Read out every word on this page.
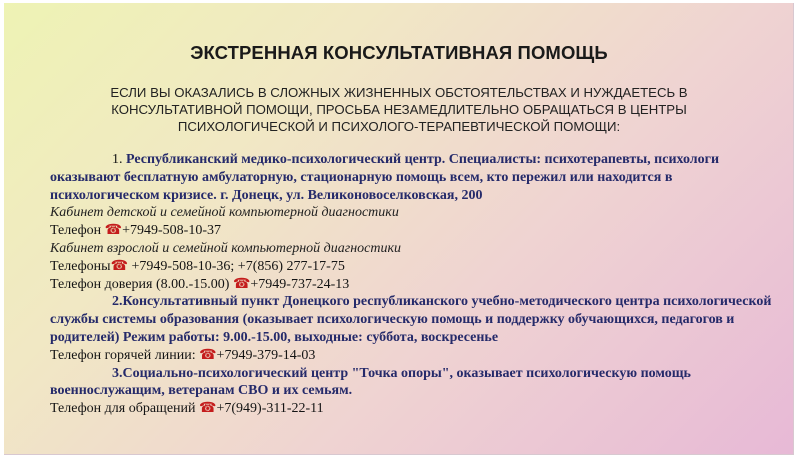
ЭКСТРЕННАЯ КОНСУЛЬТАТИВНАЯ ПОМОЩЬ
ЕСЛИ ВЫ ОКАЗАЛИСЬ В СЛОЖНЫХ ЖИЗНЕННЫХ ОБСТОЯТЕЛЬСТВАХ И НУЖДАЕТЕСЬ В КОНСУЛЬТАТИВНОЙ ПОМОЩИ, ПРОСЬБА НЕЗАМЕДЛИТЕЛЬНО ОБРАЩАТЬСЯ В ЦЕНТРЫ ПСИХОЛОГИЧЕСКОЙ И ПСИХОЛОГО-ТЕРАПЕВТИЧЕСКОЙ ПОМОЩИ:

1. Республиканский медико-психологический центр. Специалисты: психотерапевты, психологи оказывают бесплатную амбулаторную, стационарную помощь всем, кто пережил или находится в психологическом кризисе. г. Донецк, ул. Великоновоселковская, 200

Кабинет детской и семейной компьютерной диагностики

Телефон ☎+7949-508-10-37

Кабинет взрослой и семейной компьютерной диагностики

Телефоны☎ +7949-508-10-36; +7(856) 277-17-75

Телефон доверия (8.00.-15.00) ☎+7949-737-24-13

2.Консультативный пункт Донецкого республиканского учебно-методического центра психологической службы системы образования (оказывает психологическую помощь и поддержку обучающихся, педагогов и родителей) Режим работы: 9.00.-15.00, выходные: суббота, воскресенье

Телефон горячей линии: ☎+7949-379-14-03

3.Социально-психологический центр "Точка опоры", оказывает психологическую помощь военнослужащим, ветеранам СВО и их семьям.

Телефон для обращений ☎+7(949)-311-22-11
